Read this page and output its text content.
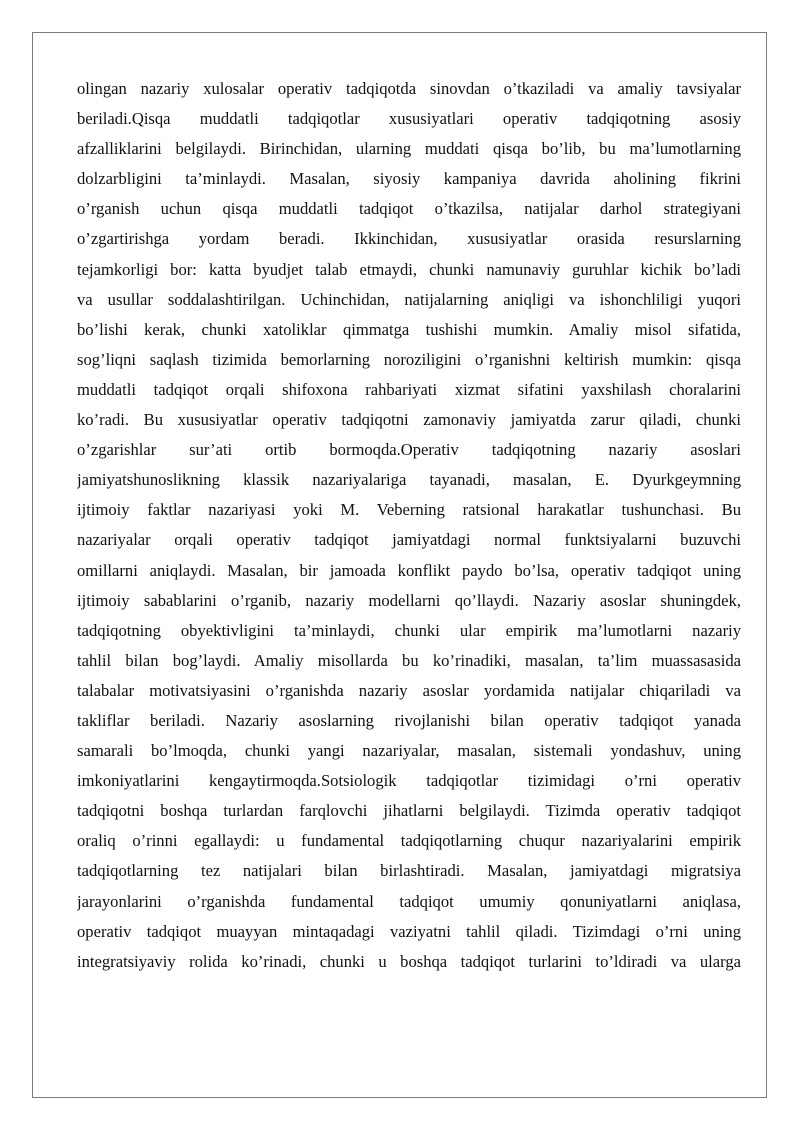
olingan nazariy xulosalar operativ tadqiqotda sinovdan o’tkaziladi va amaliy tavsiyalar
beriladi.Qisqa muddatli tadqiqotlar xususiyatlari operativ tadqiqotning asosiy
afzalliklarini belgilaydi. Birinchidan, ularning muddati qisqa bo’lib, bu ma’lumotlarning
dolzarbligini ta’minlaydi. Masalan, siyosiy kampaniya davrida aholining fikrini
o’rganish uchun qisqa muddatli tadqiqot o’tkazilsa, natijalar darhol strategiyani
o’zgartirishga yordam beradi. Ikkinchidan, xususiyatlar orasida resurslarning
tejamkorligi bor: katta byudjet talab etmaydi, chunki namunaviy guruhlar kichik bo’ladi
va usullar soddalashtirilgan. Uchinchidan, natijalarning aniqligi va ishonchliligi yuqori
bo’lishi kerak, chunki xatoliklar qimmatga tushishi mumkin. Amaliy misol sifatida,
sog’liqni saqlash tizimida bemorlarning noroziligini o’rganishni keltirish mumkin: qisqa
muddatli tadqiqot orqali shifoxona rahbariyati xizmat sifatini yaxshilash choralarini
ko’radi. Bu xususiyatlar operativ tadqiqotni zamonaviy jamiyatda zarur qiladi, chunki
o’zgarishlar sur’ati ortib bormoqda.Operativ tadqiqotning nazariy asoslari
jamiyatshunoslikning klassik nazariyalariga tayanadi, masalan, E. Dyurkgeymning
ijtimoiy faktlar nazariyasi yoki M. Veberning ratsional harakatlar tushunchasi. Bu
nazariyalar orqali operativ tadqiqot jamiyatdagi normal funktsiyalarni buzuvchi
omillarni aniqlaydi. Masalan, bir jamoada konflikt paydo bo’lsa, operativ tadqiqot uning
ijtimoiy sabablarini o’rganib, nazariy modellarni qo’llaydi. Nazariy asoslar shuningdek,
tadqiqotning obyektivligini ta’minlaydi, chunki ular empirik ma’lumotlarni nazariy
tahlil bilan bog’laydi. Amaliy misollarda bu ko’rinadiki, masalan, ta’lim muassasasida
talabalar motivatsiyasini o’rganishda nazariy asoslar yordamida natijalar chiqariladi va
takliflar beriladi. Nazariy asoslarning rivojlanishi bilan operativ tadqiqot yanada
samarali bo’lmoqda, chunki yangi nazariyalar, masalan, sistemali yondashuv, uning
imkoniyatlarini kengaytirmoqda.Sotsiologik tadqiqotlar tizimidagi o’rni operativ
tadqiqotni boshqa turlardan farqlovchi jihatlarni belgilaydi. Tizimda operativ tadqiqot
oraliq o’rinni egallaydi: u fundamental tadqiqotlarning chuqur nazariyalarini empirik
tadqiqotlarning tez natijalari bilan birlashtiradi. Masalan, jamiyatdagi migratsiya
jarayonlarini o’rganishda fundamental tadqiqot umumiy qonuniyatlarni aniqlasa,
operativ tadqiqot muayyan mintaqadagi vaziyatni tahlil qiladi. Tizimdagi o’rni uning
integratsiyaviy rolida ko’rinadi, chunki u boshqa tadqiqot turlarini to’ldiradi va ularga
